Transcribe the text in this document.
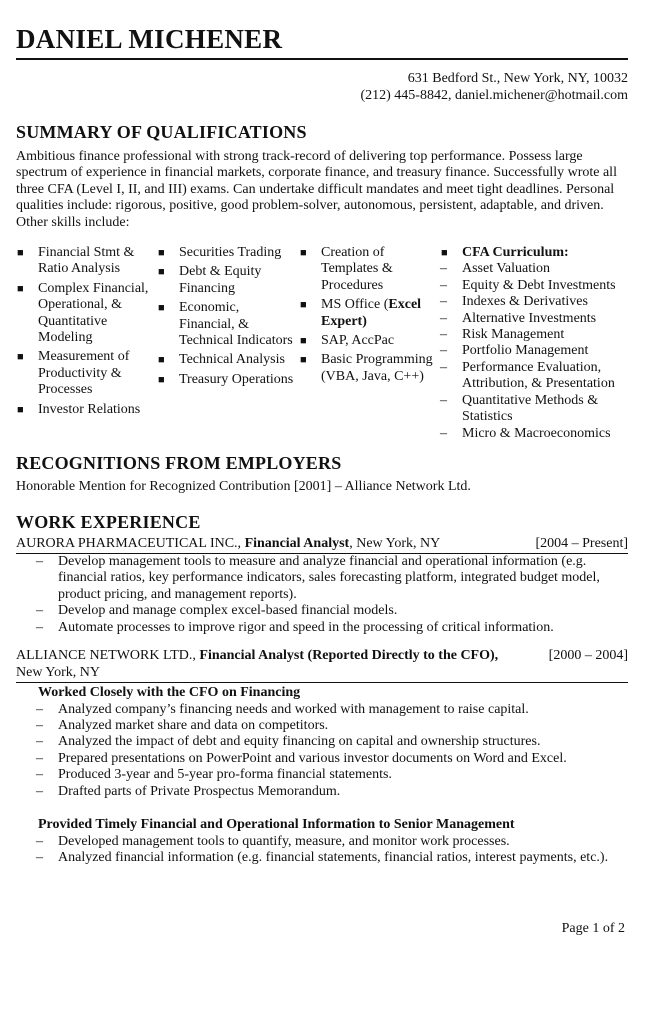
DANIEL MICHENER
631 Bedford St., New York, NY, 10032
(212) 445-8842, daniel.michener@hotmail.com
SUMMARY OF QUALIFICATIONS
Ambitious finance professional with strong track-record of delivering top performance. Possess large spectrum of experience in financial markets, corporate finance, and treasury finance. Successfully wrote all three CFA (Level I, II, and III) exams. Can undertake difficult mandates and meet tight deadlines. Personal qualities include: rigorous, positive, good problem-solver, autonomous, persistent, adaptable, and driven. Other skills include:
■ Financial Stmt & Ratio Analysis
■ Complex Financial, Operational, & Quantitative Modeling
■ Measurement of Productivity & Processes
■ Investor Relations
■ Securities Trading
■ Debt & Equity Financing
■ Economic, Financial, & Technical Indicators
■ Technical Analysis
■ Treasury Operations
■ Creation of Templates & Procedures
■ MS Office (Excel Expert)
■ SAP, AccPac
■ Basic Programming (VBA, Java, C++)
■ CFA Curriculum:
– Asset Valuation
– Equity & Debt Investments
– Indexes & Derivatives
– Alternative Investments
– Risk Management
– Portfolio Management
– Performance Evaluation, Attribution, & Presentation
– Quantitative Methods & Statistics
– Micro & Macroeconomics
RECOGNITIONS FROM EMPLOYERS
Honorable Mention for Recognized Contribution [2001] – Alliance Network Ltd.
WORK EXPERIENCE
AURORA PHARMACEUTICAL INC., Financial Analyst, New York, NY	[2004 – Present]
– Develop management tools to measure and analyze financial and operational information (e.g. financial ratios, key performance indicators, sales forecasting platform, integrated budget model, product pricing, and management reports).
– Develop and manage complex excel-based financial models.
– Automate processes to improve rigor and speed in the processing of critical information.
ALLIANCE NETWORK LTD., Financial Analyst (Reported Directly to the CFO),	[2000 – 2004]
New York, NY
Worked Closely with the CFO on Financing
– Analyzed company’s financing needs and worked with management to raise capital.
– Analyzed market share and data on competitors.
– Analyzed the impact of debt and equity financing on capital and ownership structures.
– Prepared presentations on PowerPoint and various investor documents on Word and Excel.
– Produced 3-year and 5-year pro-forma financial statements.
– Drafted parts of Private Prospectus Memorandum.
Provided Timely Financial and Operational Information to Senior Management
– Developed management tools to quantify, measure, and monitor work processes.
– Analyzed financial information (e.g. financial statements, financial ratios, interest payments, etc.).
Page 1 of 2
